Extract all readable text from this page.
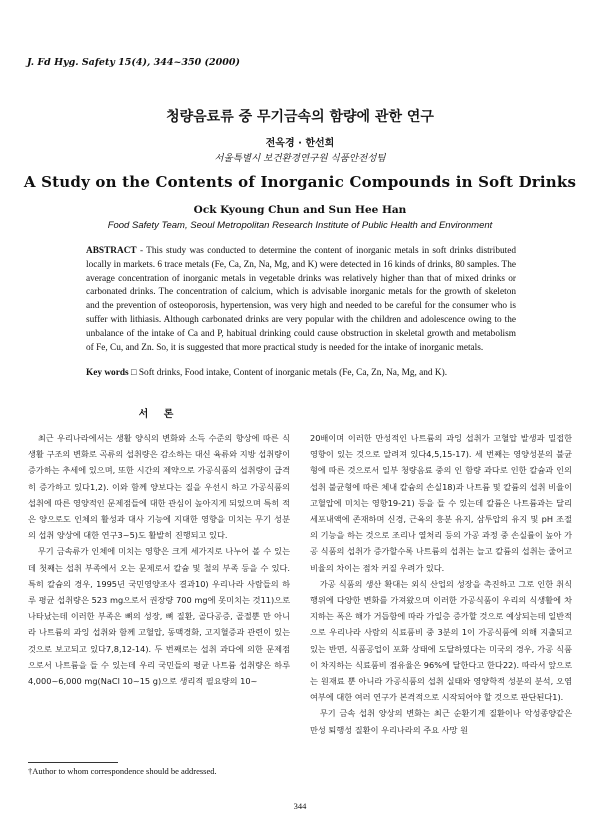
J. Fd Hyg. Safety 15(4), 344~350 (2000)
청량음료류 중 무기금속의 함량에 관한 연구
전옥경 · 한선희
서울특별시 보건환경연구원 식품안전성팀
A Study on the Contents of Inorganic Compounds in Soft Drinks
Ock Kyoung Chun and Sun Hee Han
Food Safety Team, Seoul Metropolitan Research Institute of Public Health and Environment
ABSTRACT - This study was conducted to determine the content of inorganic metals in soft drinks distributed locally in markets. 6 trace metals (Fe, Ca, Zn, Na, Mg, and K) were detected in 16 kinds of drinks, 80 samples. The average concentration of inorganic metals in vegetable drinks was relatively higher than that of mixed drinks or carbonated drinks. The concentration of calcium, which is advisable inorganic metals for the growth of skeleton and the prevention of osteoporosis, hypertension, was very high and needed to be careful for the consumer who is suffer with lithiasis. Although carbonated drinks are very popular with the children and adolescence owing to the unbalance of the intake of Ca and P, habitual drinking could cause obstruction in skeletal growth and metabolism of Fe, Cu, and Zn. So, it is suggested that more practical study is needed for the intake of inorganic metals.
Key words □ Soft drinks, Food intake, Content of inorganic metals (Fe, Ca, Zn, Na, Mg, and K).
서 론

최근 우리나라에서는 생활 양식의 변화와 소득 수준의 향상에 따른 식생활 구조의 변화로 곡류의 섭취량은 감소하는 대신 육류와 지방 섭취량이 증가하는 추세에 있으며, 또한 시간의 제약으로 가공식품의 섭취량이 급격히 증가하고 있다1,2). 이와 함께 양보다는 질을 우선시 하고 가공식품의 섭취에 따른 영양적인 문제점들에 대한 관심이 높아지게 되었으며 특히 적은 양으로도 인체의 활성과 대사 기능에 지대한 영향을 미치는 무기 성분의 섭취 양상에 대한 연구3~5)도 활발히 진행되고 있다.

무기 금속류가 인체에 미치는 영향은 크게 세가지로 나누어 볼 수 있는데 첫째는 섭취 부족에서 오는 문제로서 칼슘 및 철의 부족 등을 수 있다. 특히 칼슘의 경우, 1995년 국민영양조사 결과10) 우리나라 사람들의 하루 평균 섭취량은 523 mg으로서 권장량 700 mg에 못미치는 것11)으로 나타났는데 이러한 부족은 뼈의 성장, 뼈 질환, 골다공증, 골절뿐 만 아니라 나트륨의 과잉 섭취와 함께 고혈압, 동맥경화, 고지혈증과 관련이 있는 것으로 보고되고 있다7,8,12-14). 두 번째로는 섭취 과다에 의한 문제점으로서 나트륨을 들 수 있는데 우리 국민들의 평균 나트륨 섭취량은 하루 4,000~6,000 mg(NaCl 10~15 g)으로 생리적 필요량의 10~

20배이며 이러한 만성적인 나트륨의 과잉 섭취가 고혈압 발생과 밀접한 영향이 있는 것으로 알려져 있다4,5,15-17). 세 번째는 영양성분의 불균형에 따른 것으로서 일부 청량음료 중의 인 함량 과다로 인한 칼슘과 인의 섭취 불균형에 따른 체내 칼슘의 손실18)과 나트륨 및 칼륨의 섭취 비율이 고혈압에 미치는 영향19-21) 등을 들 수 있는데 칼륨은 나트륨과는 달리 세포내액에 존재하며 신경, 근육의 흥분 유지, 삼투압의 유지 및 pH 조절의 기능을 하는 것으로 조리나 열처리 등의 가공 과정 중 손실률이 높아 가공 식품의 섭취가 증가할수록 나트륨의 섭취는 늘고 칼륨의 섭취는 줄어고 비율의 차이는 점차 커질 우려가 있다.

가공 식품의 생산 확대는 외식 산업의 성장을 촉진하고 그로 인한 취식 행위에 다양한 변화를 가져왔으며 이러한 가공식품이 우리의 식생활에 차지하는 폭은 해가 거듭함에 따라 가일층 증가할 것으로 예상되는데 일반적으로 우리나라 사람의 식료품비 중 3분의 1이 가공식품에 의해 지출되고 있는 반면, 식품공업이 포화 상태에 도달하였다는 미국의 경우, 가공 식품이 차지하는 식료품비 점유율은 96%에 달한다고 한다22). 따라서 앞으로는 원재료 뿐 아니라 가공식품의 섭취 실태와 영양학적 성분의 분석, 오염 여부에 대한 여러 연구가 본격적으로 시작되어야 할 것으로 판단된다1).

무기 금속 섭취 양상의 변화는 최근 순환기계 질환이나 악성종양같은 만성 퇴행성 질환이 우리나라의 주요 사망 원

†Author to whom correspondence should be addressed.
344
